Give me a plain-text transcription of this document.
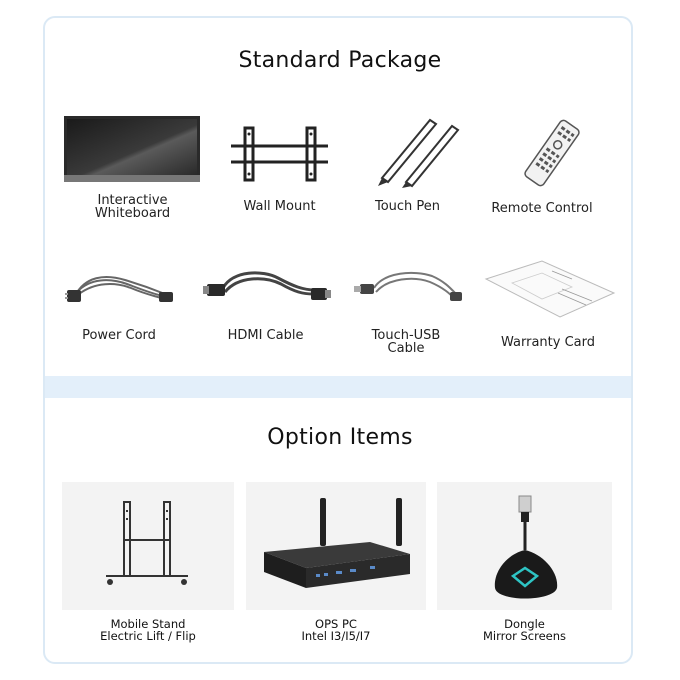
Standard Package
Interactive
Whiteboard	Wall Mount	Touch Pen	Remote Control
Power Cord	HDMI Cable	Touch-USB
Cable	Warranty Card
Option Items
Mobile Stand
Electric Lift / Flip
OPS PC
Intel I3/I5/I7
Dongle
Mirror Screens
